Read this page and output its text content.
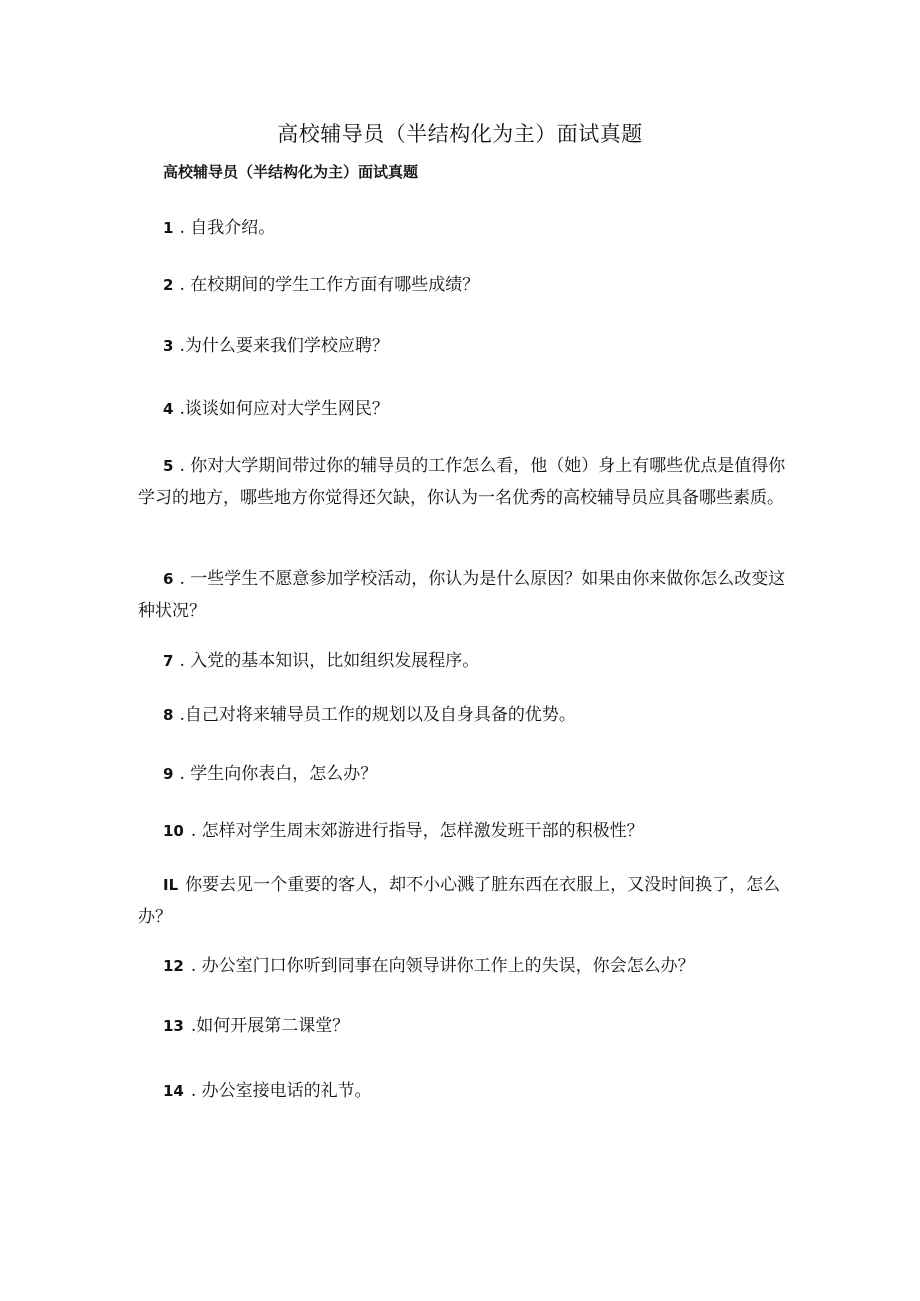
高校辅导员（半结构化为主）面试真题
高校辅导员（半结构化为主）面试真题
1 . 自我介绍。
2 . 在校期间的学生工作方面有哪些成绩？
3 .为什么要来我们学校应聘？
4 .谈谈如何应对大学生网民？
5 . 你对大学期间带过你的辅导员的工作怎么看，他（她）身上有哪些优点是值得你学习的地方，哪些地方你觉得还欠缺，你认为一名优秀的高校辅导员应具备哪些素质。
6 . 一些学生不愿意参加学校活动，你认为是什么原因？如果由你来做你怎么改变这种状况？
7 . 入党的基本知识，比如组织发展程序。
8 .自己对将来辅导员工作的规划以及自身具备的优势。
9 . 学生向你表白，怎么办？
10 . 怎样对学生周末郊游进行指导，怎样激发班干部的积极性？
IL 你要去见一个重要的客人，却不小心溅了脏东西在衣服上，又没时间换了，怎么办？
12 . 办公室门口你听到同事在向领导讲你工作上的失误，你会怎么办？
13 .如何开展第二课堂？
14 . 办公室接电话的礼节。
